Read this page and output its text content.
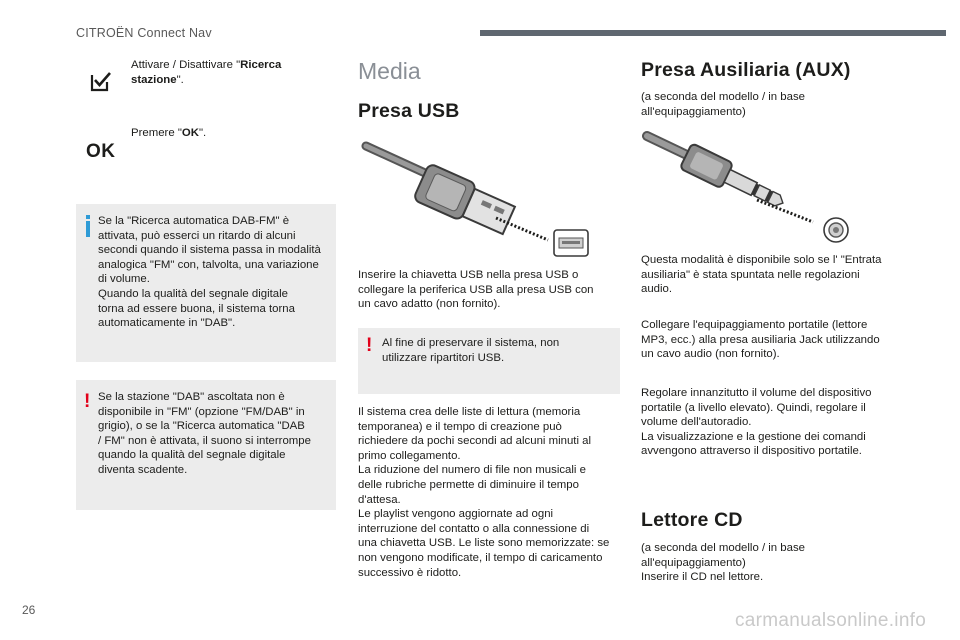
CITROËN Connect Nav
Attivare / Disattivare "Ricerca stazione".
OK
Premere "OK".
Se la "Ricerca automatica DAB-FM" è
attivata, può esserci un ritardo di alcuni
secondi quando il sistema passa in modalità
analogica "FM" con, talvolta, una variazione
di volume.
Quando la qualità del segnale digitale
torna ad essere buona, il sistema torna
automaticamente in "DAB".
! Se la stazione "DAB" ascoltata non è
disponibile in "FM" (opzione "FM/DAB" in
grigio), o se la "Ricerca automatica "DAB
/ FM" non è attivata, il suono si interrompe
quando la qualità del segnale digitale
diventa scadente.
Media
Presa USB
Inserire la chiavetta USB nella presa USB o
collegare la periferica USB alla presa USB con
un cavo adatto (non fornito).
! Al fine di preservare il sistema, non
utilizzare ripartitori USB.
Il sistema crea delle liste di lettura (memoria
temporanea) e il tempo di creazione può
richiedere da pochi secondi ad alcuni minuti al
primo collegamento.
La riduzione del numero di file non musicali e
delle rubriche permette di diminuire il tempo
d'attesa.
Le playlist vengono aggiornate ad ogni
interruzione del contatto o alla connessione di
una chiavetta USB. Le liste sono memorizzate: se
non vengono modificate, il tempo di caricamento
successivo è ridotto.
Presa Ausiliaria (AUX)
(a seconda del modello / in base
all'equipaggiamento)
Questa modalità è disponibile solo se l' "Entrata
ausiliaria" è stata spuntata nelle regolazioni
audio.
Collegare l'equipaggiamento portatile (lettore
MP3, ecc.) alla presa ausiliaria Jack utilizzando
un cavo audio (non fornito).
Regolare innanzitutto il volume del dispositivo
portatile (a livello elevato). Quindi, regolare il
volume dell'autoradio.
La visualizzazione e la gestione dei comandi
avvengono attraverso il dispositivo portatile.
Lettore CD
(a seconda del modello / in base
all'equipaggiamento)
Inserire il CD nel lettore.
26	carmanualsonline.info
